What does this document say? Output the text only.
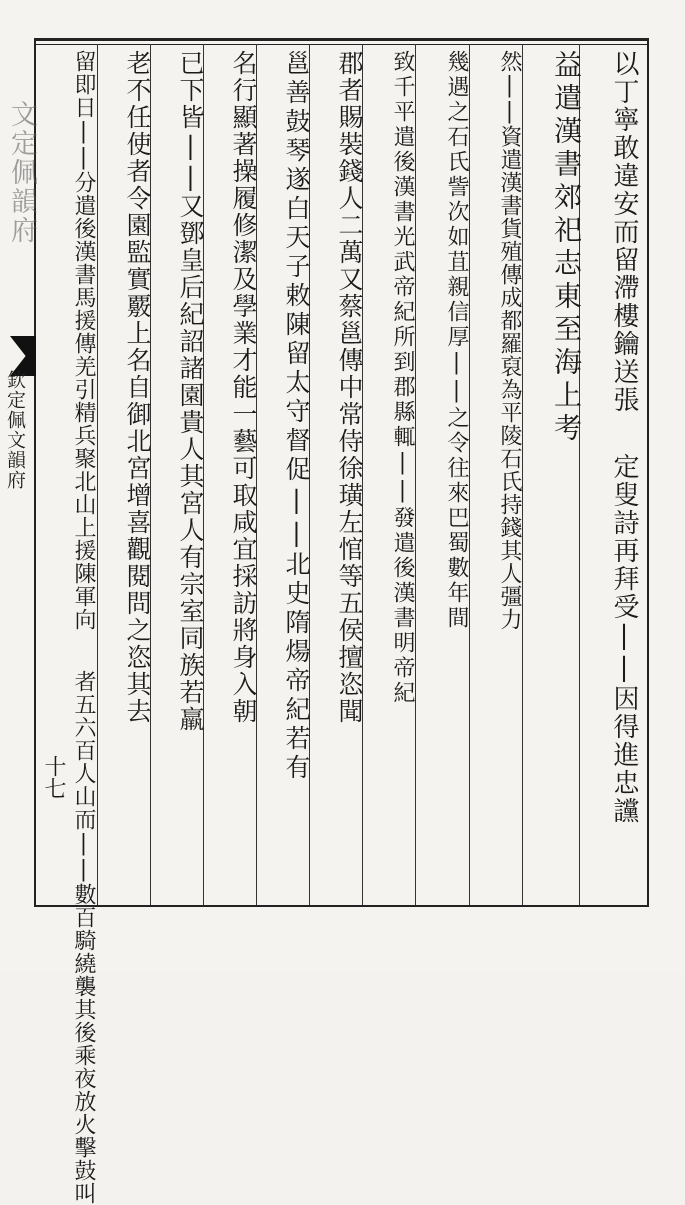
以丁寧敢違安而留滯樓鑰送張 定叟詩再拜受||因得進忠讜
益遣漢書郊祀志東至海上考
然||資遣漢書貨殖傳成都羅裒為平陵石氏持錢其人彊力
幾遇之石氏訾次如苴親信厚||之令往來巴蜀數年間
致千平遣後漢書光武帝紀所到郡縣輒||發遣後漢書明帝紀
郡者賜裝錢人二萬又蔡邕傳中常侍徐璜左悺等五侯擅恣聞
邕善鼓琴遂白天子敕陳留太守督促||北史隋煬帝紀若有
名行顯著操履修潔及學業才能一藝可取咸宜採訪將身入朝
已下皆||又鄧皇后紀詔諸園貴人其宮人有宗室同族若羸
老不任使者令園監實覈上名自御北宮增喜觀閱問之恣其去
留即日||分遣後漢書馬援傳羌引精兵聚北山上援陳軍向 者五六百人山而||數百騎繞襲其後乘夜放火擊鼓叫
文定佩韻府
欽定佩文韻府
十七
